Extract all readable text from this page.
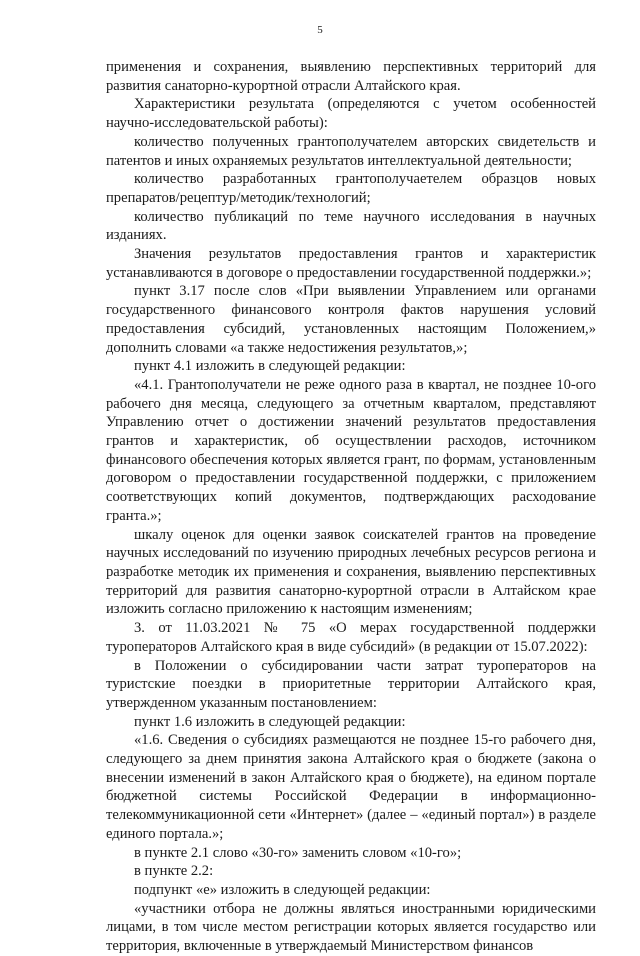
5

применения и сохранения, выявлению перспективных территорий для развития санаторно-курортной отрасли Алтайского края.

Характеристики результата (определяются с учетом особенностей научно-исследовательской работы):

количество полученных грантополучателем авторских свидетельств и патентов и иных охраняемых результатов интеллектуальной деятельности;

количество разработанных грантополучаетелем образцов новых препаратов/рецептур/методик/технологий;

количество публикаций по теме научного исследования в научных изданиях.

Значения результатов предоставления грантов и характеристик устанавливаются в договоре о предоставлении государственной поддержки.»;

пункт 3.17 после слов «При выявлении Управлением или органами государственного финансового контроля фактов нарушения условий предоставления субсидий, установленных настоящим Положением,» дополнить словами «а также недостижения результатов,»;

пункт 4.1 изложить в следующей редакции:

«4.1. Грантополучатели не реже одного раза в квартал, не позднее 10-ого рабочего дня месяца, следующего за отчетным кварталом, представляют Управлению отчет о достижении значений результатов предоставления грантов и характеристик, об осуществлении расходов, источником финансового обеспечения которых является грант, по формам, установленным договором о предоставлении государственной поддержки, с приложением соответствующих копий документов, подтверждающих расходование гранта.»;

шкалу оценок для оценки заявок соискателей грантов на проведение научных исследований по изучению природных лечебных ресурсов региона и разработке методик их применения и сохранения, выявлению перспективных территорий для развития санаторно-курортной отрасли в Алтайском крае изложить согласно приложению к настоящим изменениям;

3. от 11.03.2021 № 75 «О мерах государственной поддержки туроператоров Алтайского края в виде субсидий» (в редакции от 15.07.2022):

в Положении о субсидировании части затрат туроператоров на туристские поездки в приоритетные территории Алтайского края, утвержденном указанным постановлением:

пункт 1.6 изложить в следующей редакции:

«1.6. Сведения о субсидиях размещаются не позднее 15-го рабочего дня, следующего за днем принятия закона Алтайского края о бюджете (закона о внесении изменений в закон Алтайского края о бюджете), на едином портале бюджетной системы Российской Федерации в информационно-телекоммуникационной сети «Интернет» (далее – «единый портал») в разделе единого портала.»;

в пункте 2.1 слово «30-го» заменить словом «10-го»;

в пункте 2.2:

подпункт «е» изложить в следующей редакции:

«участники отбора не должны являться иностранными юридическими лицами, в том числе местом регистрации которых является государство или территория, включенные в утверждаемый Министерством финансов
